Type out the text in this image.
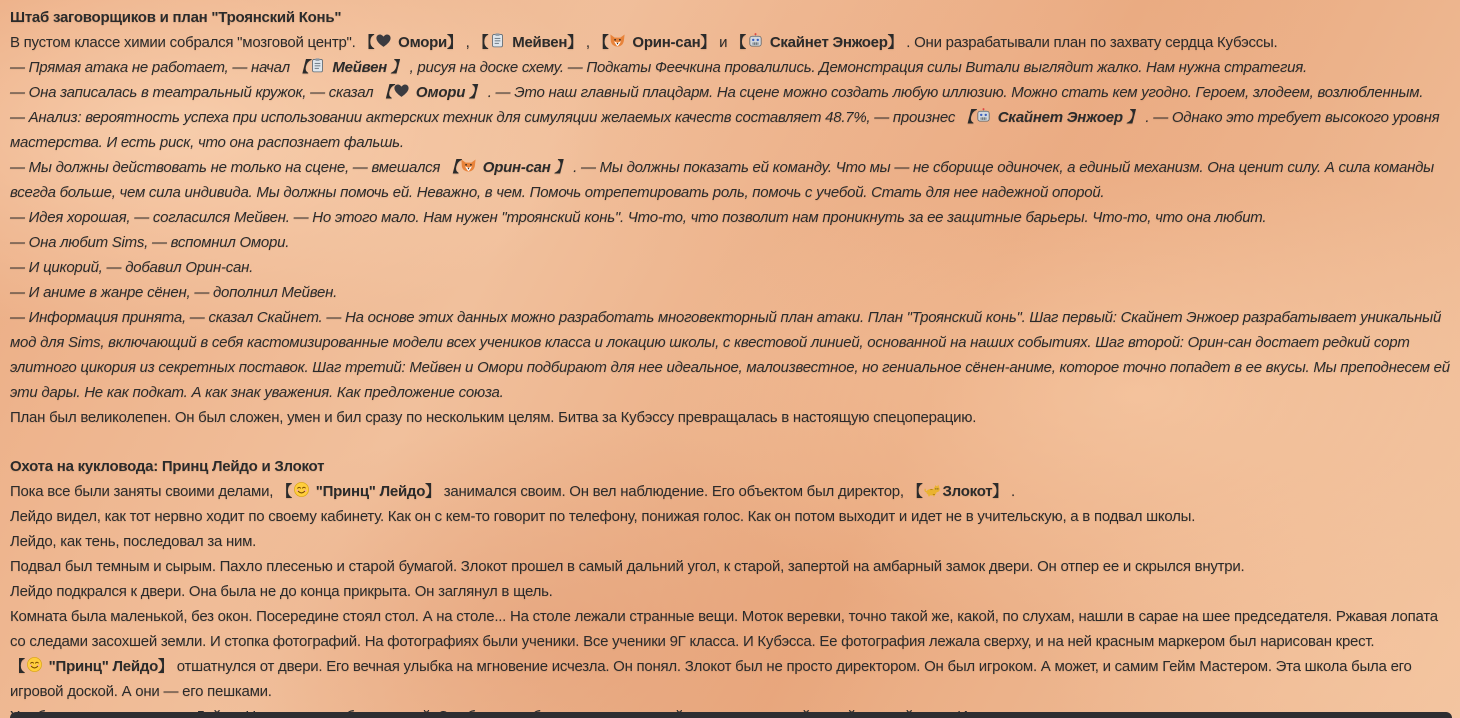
Штаб заговорщиков и план "Троянский Конь"
В пустом классе химии собрался "мозговой центр". 【 Омори】 , 【 Мейвен】 , 【 Орин-сан】 и 【 Скайнет Энжоер】 . Они разрабатывали план по захвату сердца Кубэссы.
— Прямая атака не работает, — начал 【 Мейвен 】 , рисуя на доске схему. — Подкаты Феечкина провалились. Демонстрация силы Витали выглядит жалко. Нам нужна стратегия.
— Она записалась в театральный кружок, — сказал 【 Омори 】 . — Это наш главный плацдарм. На сцене можно создать любую иллюзию. Можно стать кем угодно. Героем, злодеем, возлюбленным.
— Анализ: вероятность успеха при использовании актерских техник для симуляции желаемых качеств составляет 48.7%, — произнес 【 Скайнет Энжоер 】 . — Однако это требует высокого уровня мастерства. И есть риск, что она распознает фальшь.
— Мы должны действовать не только на сцене, — вмешался 【 Орин-сан 】 . — Мы должны показать ей команду. Что мы — не сборище одиночек, а единый механизм. Она ценит силу. А сила команды всегда больше, чем сила индивида. Мы должны помочь ей. Неважно, в чем. Помочь отрепетировать роль, помочь с учебой. Стать для нее надежной опорой.
— Идея хорошая, — согласился Мейвен. — Но этого мало. Нам нужен "троянский конь". Что-то, что позволит нам проникнуть за ее защитные барьеры. Что-то, что она любит.
— Она любит Sims, — вспомнил Омори.
— И цикорий, — добавил Орин-сан.
— И аниме в жанре сёнен, — дополнил Мейвен.
— Информация принята, — сказал Скайнет. — На основе этих данных можно разработать многовекторный план атаки. План "Троянский конь". Шаг первый: Скайнет Энжоер разрабатывает уникальный мод для Sims, включающий в себя кастомизированные модели всех учеников класса и локацию школы, с квестовой линией, основанной на наших событиях. Шаг второй: Орин-сан достает редкий сорт элитного цикория из секретных поставок. Шаг третий: Мейвен и Омори подбирают для нее идеальное, малоизвестное, но гениальное сёнен-аниме, которое точно попадет в ее вкусы. Мы преподнесем ей эти дары. Не как подкат. А как знак уважения. Как предложение союза.
План был великолепен. Он был сложен, умен и бил сразу по нескольким целям. Битва за Кубэссу превращалась в настоящую спецоперацию.
Охота на кукловода: Принц Лейдо и Злокот
Пока все были заняты своими делами, 【 "Принц" Лейдо】 занимался своим. Он вел наблюдение. Его объектом был директор, 【 Злокот】 .
Лейдо видел, как тот нервно ходит по своему кабинету. Как он с кем-то говорит по телефону, понижая голос. Как он потом выходит и идет не в учительскую, а в подвал школы.
Лейдо, как тень, последовал за ним.
Подвал был темным и сырым. Пахло плесенью и старой бумагой. Злокот прошел в самый дальний угол, к старой, запертой на амбарный замок двери. Он отпер ее и скрылся внутри.
Лейдо подкрался к двери. Она была не до конца прикрыта. Он заглянул в щель.
Комната была маленькой, без окон. Посередине стоял стол. А на столе... На столе лежали странные вещи. Моток веревки, точно такой же, какой, по слухам, нашли в сарае на шее председателя. Ржавая лопата со следами засохшей земли. И стопка фотографий. На фотографиях были ученики. Все ученики 9Г класса. И Кубэсса. Ее фотография лежала сверху, и на ней красным маркером был нарисован крест.
【 "Принц" Лейдо】 отшатнулся от двери. Его вечная улыбка на мгновение исчезла. Он понял. Злокот был не просто директором. Он был игроком. А может, и самим Гейм Мастером. Эта школа была его игровой доской. А они — его пешками.
